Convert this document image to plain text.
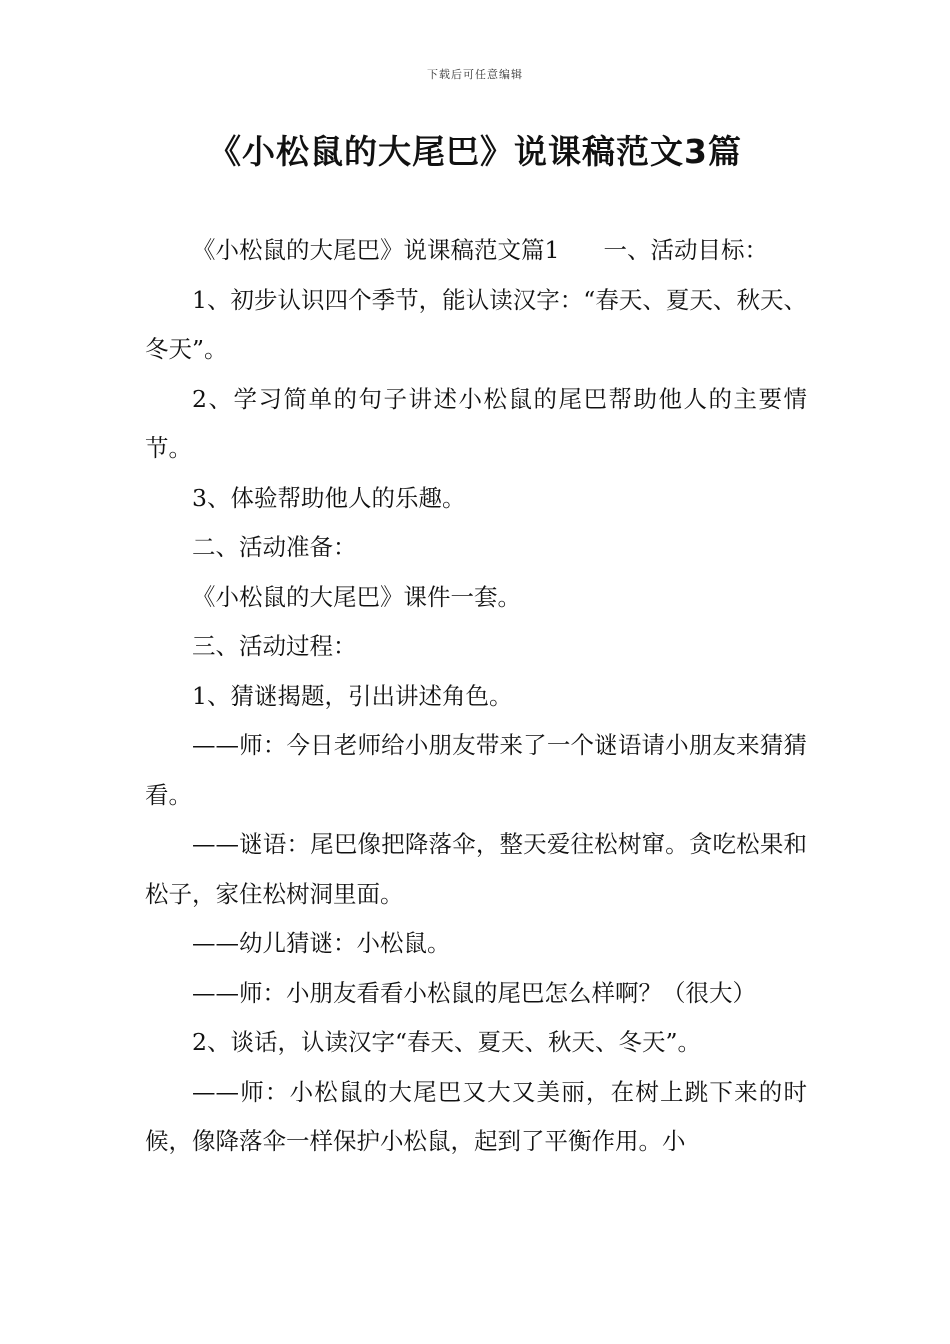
下载后可任意编辑
《小松鼠的大尾巴》说课稿范文3篇

《小松鼠的大尾巴》说课稿范文篇1 一、活动目标：

1、初步认识四个季节，能认读汉字：“春天、夏天、秋天、冬天”。

2、学习简单的句子讲述小松鼠的尾巴帮助他人的主要情节。

3、体验帮助他人的乐趣。

二、活动准备：

《小松鼠的大尾巴》课件一套。

三、活动过程：

1、猜谜揭题，引出讲述角色。

——师：今日老师给小朋友带来了一个谜语请小朋友来猜猜看。

——谜语：尾巴像把降落伞，整天爱往松树窜。贪吃松果和松子，家住松树洞里面。

——幼儿猜谜：小松鼠。

——师：小朋友看看小松鼠的尾巴怎么样啊？（很大）

2、谈话，认读汉字“春天、夏天、秋天、冬天”。

——师：小松鼠的大尾巴又大又美丽，在树上跳下来的时候，像降落伞一样保护小松鼠，起到了平衡作用。小
